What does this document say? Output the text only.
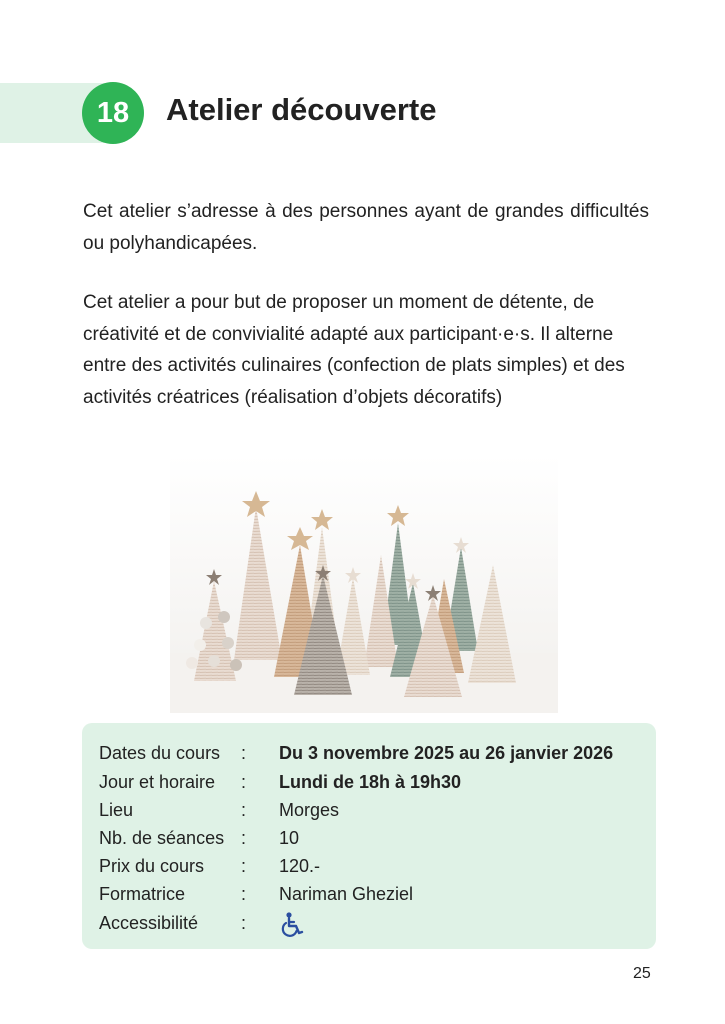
18	Atelier découverte

Cet atelier s’adresse à des personnes ayant de grandes difficultés ou polyhandicapées.

Cet atelier a pour but de proposer un moment de détente, de créativité et de convivialité adapté aux participant·e·s. Il alterne entre des activités culinaires (confection de plats simples) et des activités créatrices (réalisation d’objets décoratifs)

Dates du cours : Du 3 novembre 2025 au 26 janvier 2026
Jour et horaire : Lundi de 18h à 19h30
Lieu	: Morges
Nb. de séances : 10
Prix du cours : 120.-
Formatrice	: Nariman Gheziel
Accessibilité :
25
